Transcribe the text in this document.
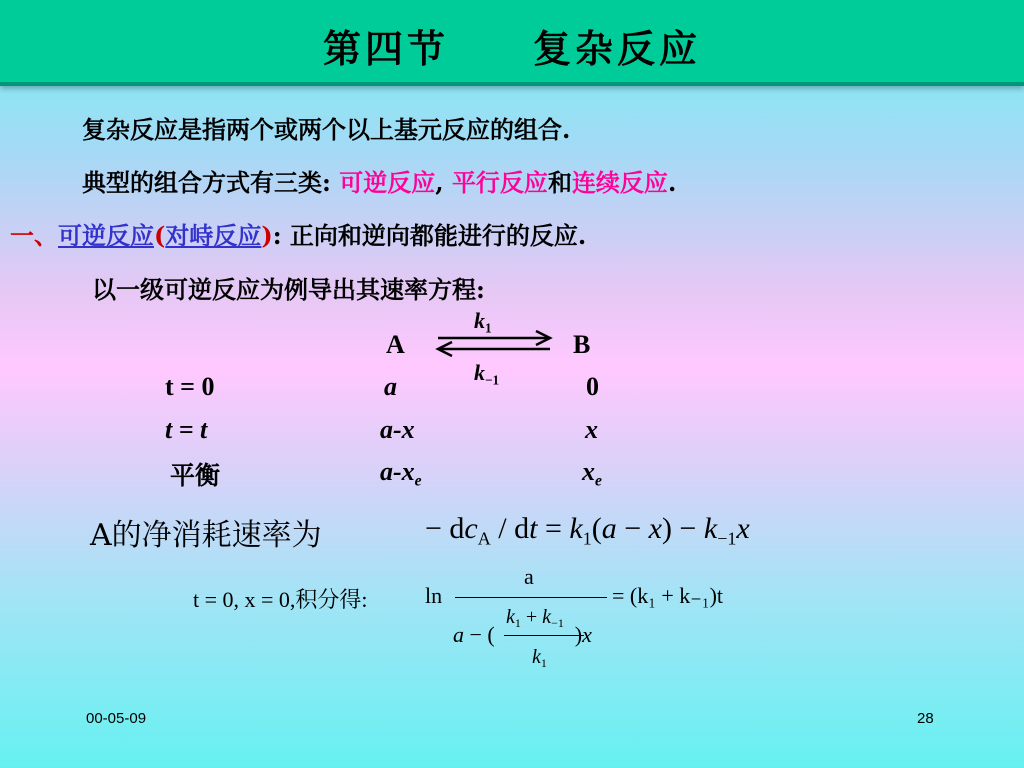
第四节　　复杂反应
复杂反应是指两个或两个以上基元反应的组合.
典型的组合方式有三类: 可逆反应, 平行反应和连续反应.
一、可逆反应(对峙反应): 正向和逆向都能进行的反应.
以一级可逆反应为例导出其速率方程:
A	B
$k_1$
$k_{-1}$
t = 0	a	0
t = t	a-x	x
平衡	$a-x_e$	$x_e$
A的净消耗速率为	− $dc_A$ / dt = $k_1(a - x) - k_{-1}x$
t = 0, x = 0,积分得:	ln
a
a − (	)x
$k_1 + k_{-1}$
$k_1$
= (k₁ + k₋₁)t
00-05-09	28
